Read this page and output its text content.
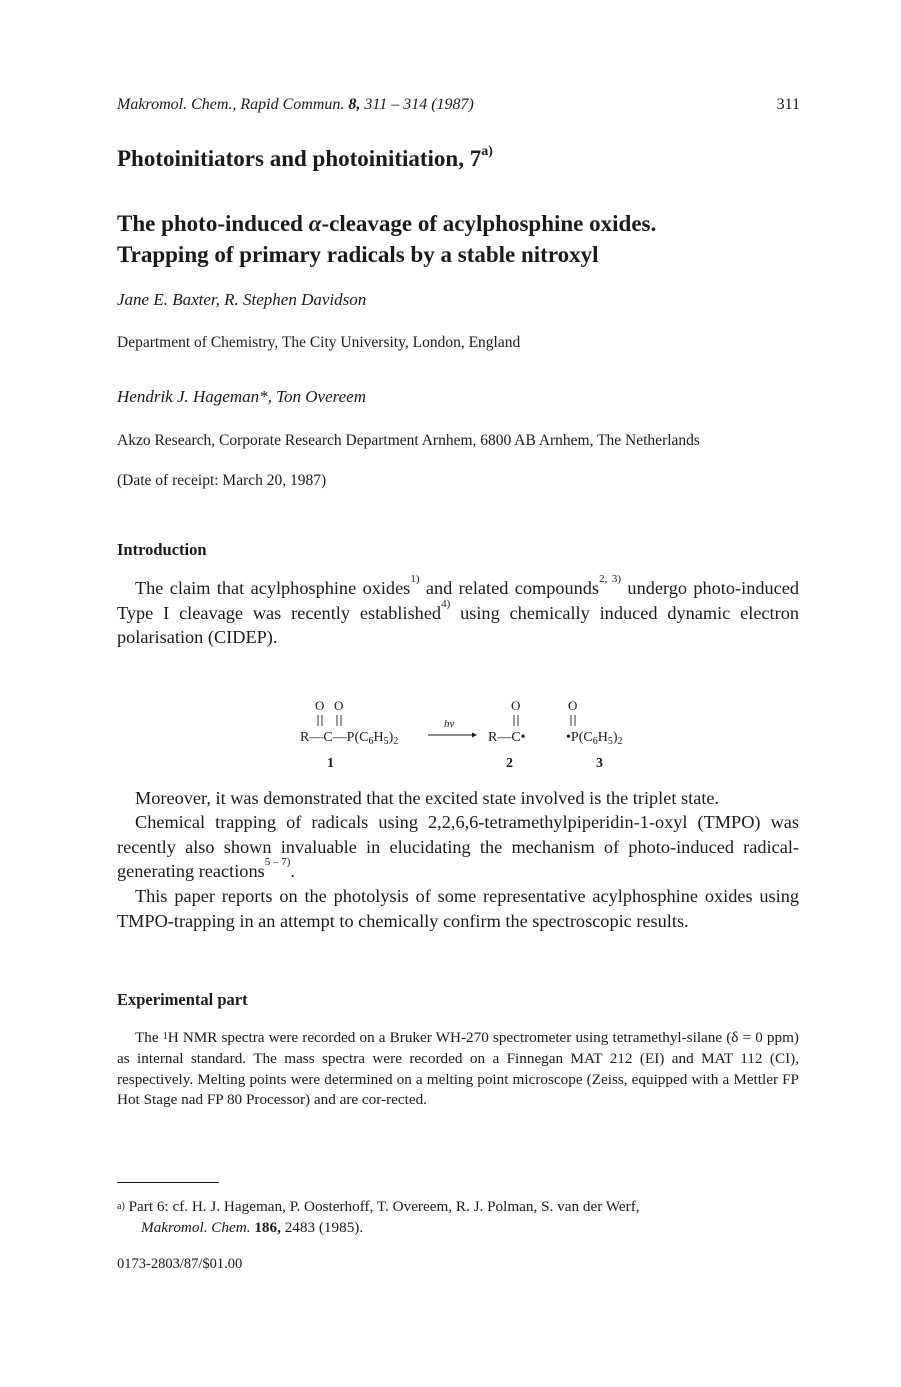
Makromol. Chem., Rapid Commun. 8, 311 – 314 (1987)	311
Photoinitiators and photoinitiation, 7$^{a)}$
The photo-induced α-cleavage of acylphosphine oxides.
Trapping of primary radicals by a stable nitroxyl
Jane E. Baxter, R. Stephen Davidson
Department of Chemistry, The City University, London, England
Hendrik J. Hageman*, Ton Overeem
Akzo Research, Corporate Research Department Arnhem, 6800 AB Arnhem, The Netherlands
(Date of receipt: March 20, 1987)
Introduction
The claim that acylphosphine oxides$^{1)}$ and related compounds$^{2, 3)}$ undergo photo-induced Type I cleavage was recently established$^{4)}$ using chemically induced dynamic electron polarisation (CIDEP).
O O
$R—C—P(C_6H_5)_2$
hv
O
R—C•
O
$•P(C_6H_5)_2$
1	2	3
Moreover, it was demonstrated that the excited state involved is the triplet state.
Chemical trapping of radicals using 2,2,6,6-tetramethylpiperidin-1-oxyl (TMPO) was recently also shown invaluable in elucidating the mechanism of photo-induced radical-generating reactions$^{5 - 7)}$.
This paper reports on the photolysis of some representative acylphosphine oxides using TMPO-trapping in an attempt to chemically confirm the spectroscopic results.
Experimental part
The $^1$H NMR spectra were recorded on a Bruker WH-270 spectrometer using tetramethyl-silane (δ = 0 ppm) as internal standard. The mass spectra were recorded on a Finnegan MAT 212 (EI) and MAT 112 (CI), respectively. Melting points were determined on a melting point microscope (Zeiss, equipped with a Mettler FP Hot Stage nad FP 80 Processor) and are cor-rected.
$^{a)}$ Part 6: cf. H. J. Hageman, P. Oosterhoff, T. Overeem, R. J. Polman, S. van der Werf,
Makromol. Chem. 186, 2483 (1985).
0173-2803/87/$01.00
